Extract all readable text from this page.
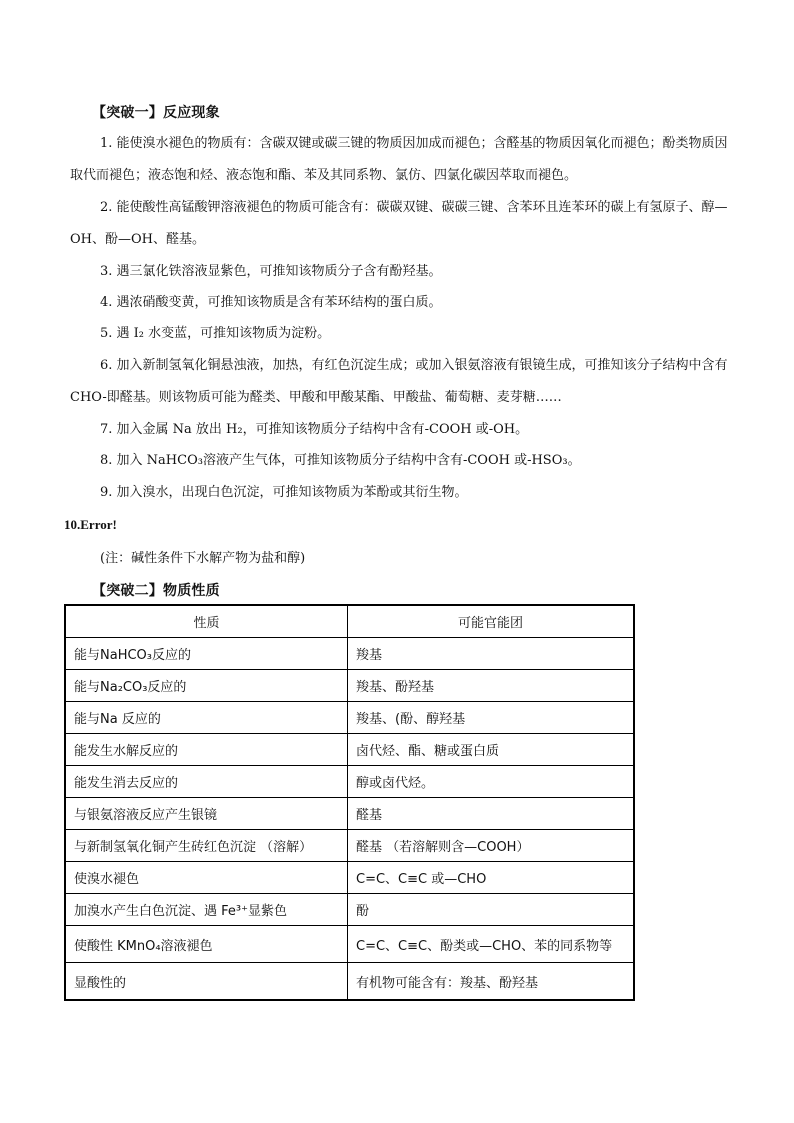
【突破一】反应现象

1. 能使溴水褪色的物质有：含碳双键或碳三键的物质因加成而褪色；含醛基的物质因氧化而褪色；酚类物质因取代而褪色；液态饱和烃、液态饱和酯、苯及其同系物、氯仿、四氯化碳因萃取而褪色。

2. 能使酸性高锰酸钾溶液褪色的物质可能含有：碳碳双键、碳碳三键、含苯环且连苯环的碳上有氢原子、醇—OH、酚—OH、醛基。

3. 遇三氯化铁溶液显紫色，可推知该物质分子含有酚羟基。

4. 遇浓硝酸变黄，可推知该物质是含有苯环结构的蛋白质。

5. 遇 I₂ 水变蓝，可推知该物质为淀粉。

6. 加入新制氢氧化铜悬浊液，加热，有红色沉淀生成；或加入银氨溶液有银镜生成，可推知该分子结构中含有 CHO-即醛基。则该物质可能为醛类、甲酸和甲酸某酯、甲酸盐、葡萄糖、麦芽糖……

7. 加入金属 Na 放出 H₂，可推知该物质分子结构中含有-COOH 或-OH。

8. 加入 NaHCO₃溶液产生气体，可推知该物质分子结构中含有-COOH 或-HSO₃。

9. 加入溴水，出现白色沉淀，可推知该物质为苯酚或其衍生物。

10.Error!
(注：碱性条件下水解产物为盐和醇)
【突破二】物质性质
性质	可能官能团
能与NaHCO₃反应的	羧基
能与Na₂CO₃反应的	羧基、酚羟基
能与Na 反应的	羧基、(酚、醇羟基
能发生水解反应的	卤代烃、酯、糖或蛋白质
能发生消去反应的	醇或卤代烃。
与银氨溶液反应产生银镜	醛基
与新制氢氧化铜产生砖红色沉淀 （溶解）	醛基 （若溶解则含—COOH）
使溴水褪色	C=C、C≡C 或—CHO
加溴水产生白色沉淀、遇 Fe³⁺显紫色	酚
使酸性 KMnO₄溶液褪色	C=C、C≡C、酚类或—CHO、苯的同系物等
显酸性的	有机物可能含有：羧基、酚羟基
